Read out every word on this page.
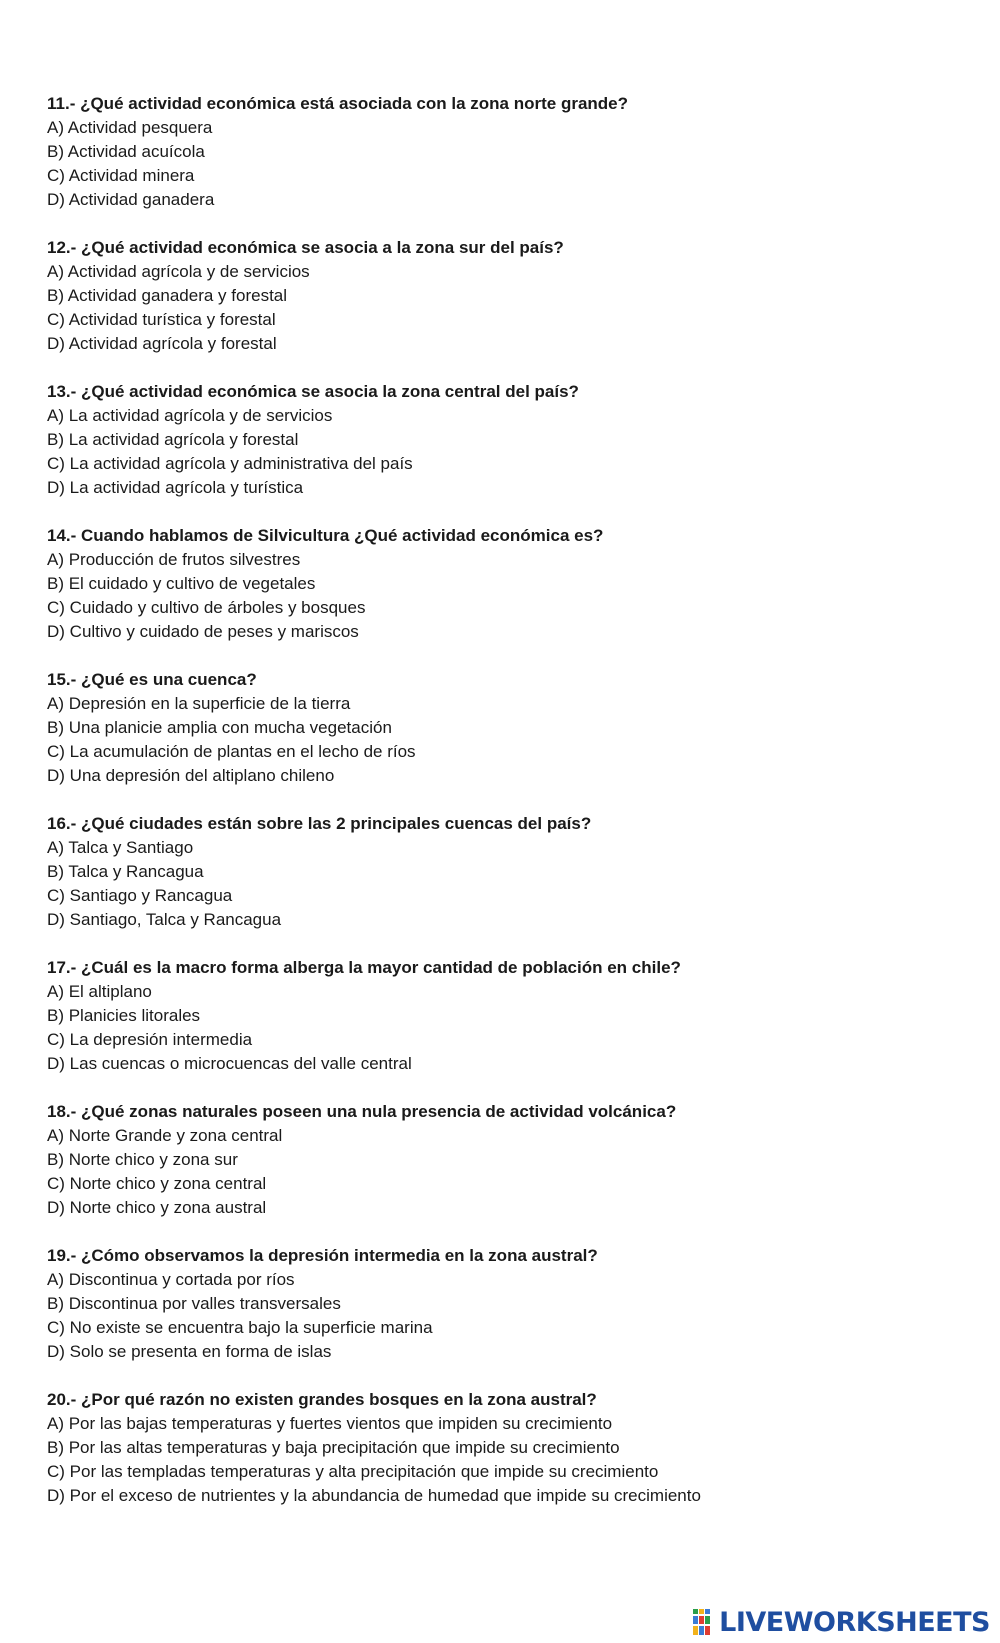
11.- ¿Qué actividad económica está asociada con la zona norte grande?
A) Actividad pesquera
B) Actividad acuícola
C) Actividad minera
D) Actividad ganadera
12.- ¿Qué actividad económica se asocia a la zona sur del país?
A) Actividad agrícola y de servicios
B) Actividad ganadera y forestal
C) Actividad turística y forestal
D) Actividad agrícola y forestal
13.- ¿Qué actividad económica se asocia la zona central del país?
A) La actividad agrícola y de servicios
B) La actividad agrícola y forestal
C) La actividad agrícola y administrativa del país
D) La actividad agrícola y turística
14.- Cuando hablamos de Silvicultura ¿Qué actividad económica es?
A) Producción de frutos silvestres
B) El cuidado y cultivo de vegetales
C) Cuidado y cultivo de árboles y bosques
D) Cultivo y cuidado de peses y mariscos
15.- ¿Qué es una cuenca?
A) Depresión en la superficie de la tierra
B) Una planicie amplia con mucha vegetación
C) La acumulación de plantas en el lecho de ríos
D) Una depresión del altiplano chileno
16.- ¿Qué ciudades están sobre las 2 principales cuencas del país?
A) Talca y Santiago
B) Talca y Rancagua
C) Santiago y Rancagua
D) Santiago, Talca y Rancagua
17.- ¿Cuál es la macro forma alberga la mayor cantidad de población en chile?
A) El altiplano
B) Planicies litorales
C) La depresión intermedia
D) Las cuencas o microcuencas del valle central
18.- ¿Qué zonas naturales poseen una nula presencia de actividad volcánica?
A) Norte Grande y zona central
B) Norte chico y zona sur
C) Norte chico y zona central
D) Norte chico y zona austral
19.- ¿Cómo observamos la depresión intermedia en la zona austral?
A) Discontinua y cortada por ríos
B) Discontinua por valles transversales
C) No existe se encuentra bajo la superficie marina
D) Solo se presenta en forma de islas
20.- ¿Por qué razón no existen grandes bosques en la zona austral?
A) Por las bajas temperaturas y fuertes vientos que impiden su crecimiento
B) Por las altas temperaturas y baja precipitación que impide su crecimiento
C) Por las templadas temperaturas y alta precipitación que impide su crecimiento
D) Por el exceso de nutrientes y la abundancia de humedad que impide su crecimiento
LIVEWORKSHEETS
